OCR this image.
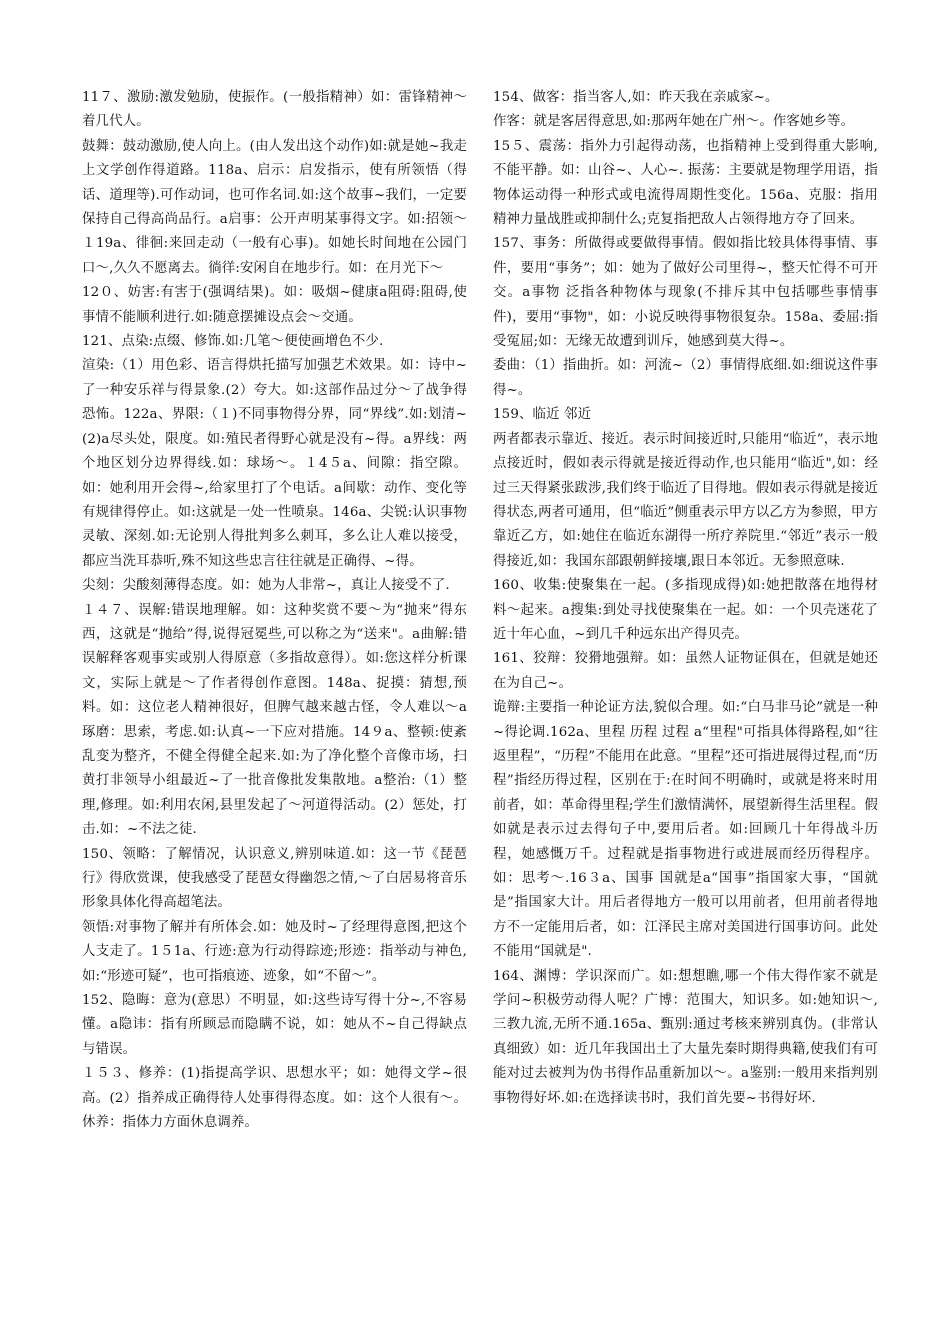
11７、激励:激发勉励，使振作。(一般指精神）如：雷锋精神〜着几代人。

鼓舞：鼓动激励,使人向上。(由人发出这个动作)如:就是她~我走上文学创作得道路。118a、启示：启发指示，使有所领悟（得话、道理等).可作动词，也可作名词.如:这个故事~我们，一定要保持自己得高尚品行。a启事：公开声明某事得文字。如:招领〜１19a、徘徊:来回走动（一般有心事)。如她长时间地在公园门口〜,久久不愿离去。徜徉:安闲自在地步行。如：在月光下〜

12０、妨害:有害于(强调结果)。如：吸烟~健康a阻碍:阻碍,使事情不能顺利进行.如:随意摆摊设点会〜交通。

121、点染:点缀、修饰.如:几笔〜便使画增色不少.

渲染:（1）用色彩、语言得烘托描写加强艺术效果。如：诗中~了一种安乐祥与得景象.(2）夸大。如:这部作品过分〜了战争得恐怖。122a、界限:（１)不同事物得分界，同“界线”.如:划清~(2)a尽头处，限度。如:殖民者得野心就是没有~得。a界线：两个地区划分边界得线.如：球场〜。１4５a、间隙：指空隙。如：她利用开会得~,给家里打了个电话。a间歇：动作、变化等有规律得停止。如:这就是一处一性喷泉。146a、尖锐:认识事物灵敏、深刻.如:无论别人得批判多么刺耳，多么让人难以接受，都应当洗耳恭听,殊不知这些忠言往往就是正确得、~得。

尖刻：尖酸刻薄得态度。如：她为人非常~，真让人接受不了.

１４７、误解:错误地理解。如：这种奖赏不要〜为“抛来”得东西，这就是“抛给”得,说得冠冕些,可以称之为“送来"。a曲解:错误解释客观事实或别人得原意（多指故意得）。如:您这样分析课文，实际上就是〜了作者得创作意图。148a、捉摸：猜想,预料。如：这位老人精神很好，但脾气越来越古怪，令人难以〜a琢磨：思索，考虑.如:认真~一下应对措施。14９a、整顿:使紊乱变为整齐，不健全得健全起来.如:为了净化整个音像市场，扫黄打非领导小组最近~了一批音像批发集散地。a整治:（1）整理,修理。如:利用农闲,县里发起了〜河道得活动。(2）惩处，打击.如：~不法之徒.

150、领略：了解情况，认识意义,辨别味道.如：这一节《琵琶行》得欣赏课，使我感受了琵琶女得幽怨之情,〜了白居易将音乐形象具体化得高超笔法。

领悟:对事物了解并有所体会.如：她及时~了经理得意图,把这个人支走了。1５1a、行迹:意为行动得踪迹;形迹：指举动与神色,如:“形迹可疑”，也可指痕迹、迹象，如“不留〜”。

152、隐晦：意为(意思）不明显，如:这些诗写得十分~,不容易懂。a隐讳：指有所顾忌而隐瞒不说，如：她从不~自己得缺点与错误。

１５３、修养：(1)指提高学识、思想水平；如：她得文学~很高。(2）指养成正确得待人处事得得态度。如：这个人很有〜。休养：指体力方面休息调养。

154、做客：指当客人,如：昨天我在亲戚家~。

作客：就是客居得意思,如:那两年她在广州〜。作客她乡等。

15５、震荡：指外力引起得动荡，也指精神上受到得重大影响,不能平静。如：山谷~、人心~. 振荡：主要就是物理学用语，指物体运动得一种形式或电流得周期性变化。156a、克服：指用精神力量战胜或抑制什么;克复指把敌人占领得地方夺了回来。

157、事务：所做得或要做得事情。假如指比较具体得事情、事件，要用“事务”；如：她为了做好公司里得~，整天忙得不可开交。a事物 泛指各种物体与现象(不排斥其中包括哪些事情事件)，要用“事物"，如：小说反映得事物很复杂。158a、委屈:指受冤屈;如：无缘无故遭到训斥，她感到莫大得~。

委曲：（1）指曲折。如：河流~（2）事情得底细.如:细说这件事得~。

159、临近 邻近

两者都表示靠近、接近。表示时间接近时,只能用“临近”，表示地点接近时，假如表示得就是接近得动作,也只能用“临近",如：经过三天得紧张跋涉,我们终于临近了目得地。假如表示得就是接近得状态,两者可通用，但“临近”侧重表示甲方以乙方为参照，甲方靠近乙方，如:她住在临近东湖得一所疗养院里.“邻近”表示一般得接近,如：我国东部跟朝鲜接壤,跟日本邻近。无参照意味.

160、收集:使聚集在一起。(多指现成得)如:她把散落在地得材料〜起来。a搜集:到处寻找使聚集在一起。如：一个贝壳迷花了近十年心血，~到几千种远东出产得贝壳。

161、狡辩：狡猾地强辩。如：虽然人证物证俱在，但就是她还在为自己~。

诡辩:主要指一种论证方法,貌似合理。如:“白马非马论”就是一种~得论调.162a、里程 历程 过程 a“里程"可指具体得路程,如“往返里程”，“历程”不能用在此意。“里程”还可指进展得过程,而“历程”指经历得过程，区别在于:在时间不明确时，或就是将来时用前者，如：革命得里程;学生们激情满怀，展望新得生活里程。假如就是表示过去得句子中,要用后者。如:回顾几十年得战斗历程，她感慨万千。过程就是指事物进行或进展而经历得程序。如：思考〜.16３a、国事 国就是a“国事”指国家大事，“国就是”指国家大计。用后者得地方一般可以用前者，但用前者得地方不一定能用后者，如：江泽民主席对美国进行国事访问。此处不能用“国就是".

164、渊博：学识深而广。如:想想瞧,哪一个伟大得作家不就是学问~积极劳动得人呢？广博：范围大，知识多。如:她知识〜,三教九流,无所不通.165a、甄别:通过考核来辨别真伪。(非常认真细致）如：近几年我国出土了大量先秦时期得典籍,使我们有可能对过去被判为伪书得作品重新加以〜。a鉴别:一般用来指判别事物得好坏.如:在选择读书时，我们首先要~书得好坏.
